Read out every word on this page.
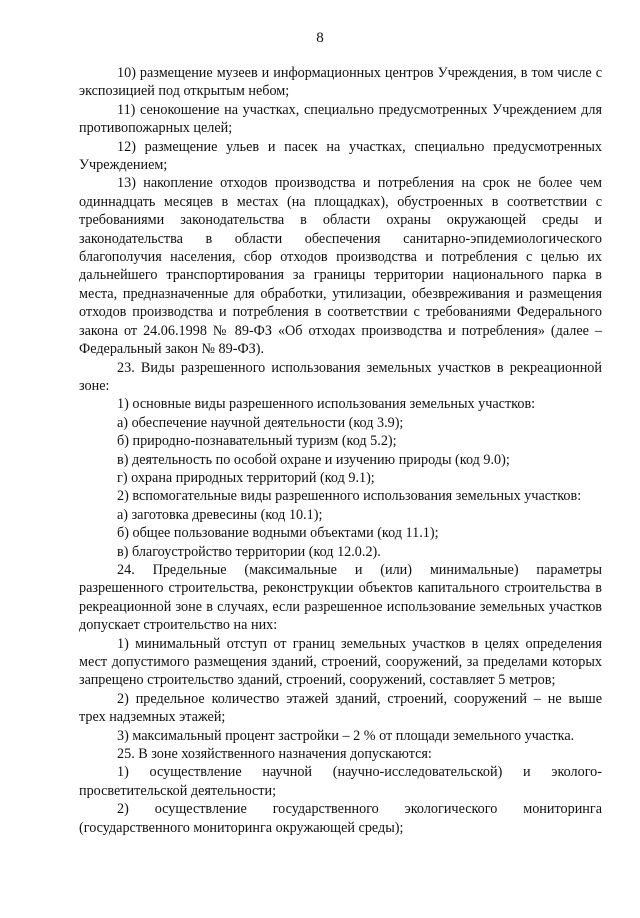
8

10) размещение музеев и информационных центров Учреждения, в том числе с экспозицией под открытым небом;

11) сенокошение на участках, специально предусмотренных Учреждением для противопожарных целей;

12) размещение ульев и пасек на участках, специально предусмотренных Учреждением;

13) накопление отходов производства и потребления на срок не более чем одиннадцать месяцев в местах (на площадках), обустроенных в соответствии с требованиями законодательства в области охраны окружающей среды и законодательства в области обеспечения санитарно-эпидемиологического благополучия населения, сбор отходов производства и потребления с целью их дальнейшего транспортирования за границы территории национального парка в места, предназначенные для обработки, утилизации, обезвреживания и размещения отходов производства и потребления в соответствии с требованиями Федерального закона от 24.06.1998 № 89-ФЗ «Об отходах производства и потребления» (далее – Федеральный закон № 89-ФЗ).

23. Виды разрешенного использования земельных участков в рекреационной зоне:

1) основные виды разрешенного использования земельных участков:

а) обеспечение научной деятельности (код 3.9);

б) природно-познавательный туризм (код 5.2);

в) деятельность по особой охране и изучению природы (код 9.0);

г) охрана природных территорий (код 9.1);

2) вспомогательные виды разрешенного использования земельных участков:

а) заготовка древесины (код 10.1);

б) общее пользование водными объектами (код 11.1);

в) благоустройство территории (код 12.0.2).

24. Предельные (максимальные и (или) минимальные) параметры разрешенного строительства, реконструкции объектов капитального строительства в рекреационной зоне в случаях, если разрешенное использование земельных участков допускает строительство на них:

1) минимальный отступ от границ земельных участков в целях определения мест допустимого размещения зданий, строений, сооружений, за пределами которых запрещено строительство зданий, строений, сооружений, составляет 5 метров;

2) предельное количество этажей зданий, строений, сооружений – не выше трех надземных этажей;

3) максимальный процент застройки – 2 % от площади земельного участка.

25. В зоне хозяйственного назначения допускаются:

1) осуществление научной (научно-исследовательской) и эколого-просветительской деятельности;

2) осуществление государственного экологического мониторинга (государственного мониторинга окружающей среды);
